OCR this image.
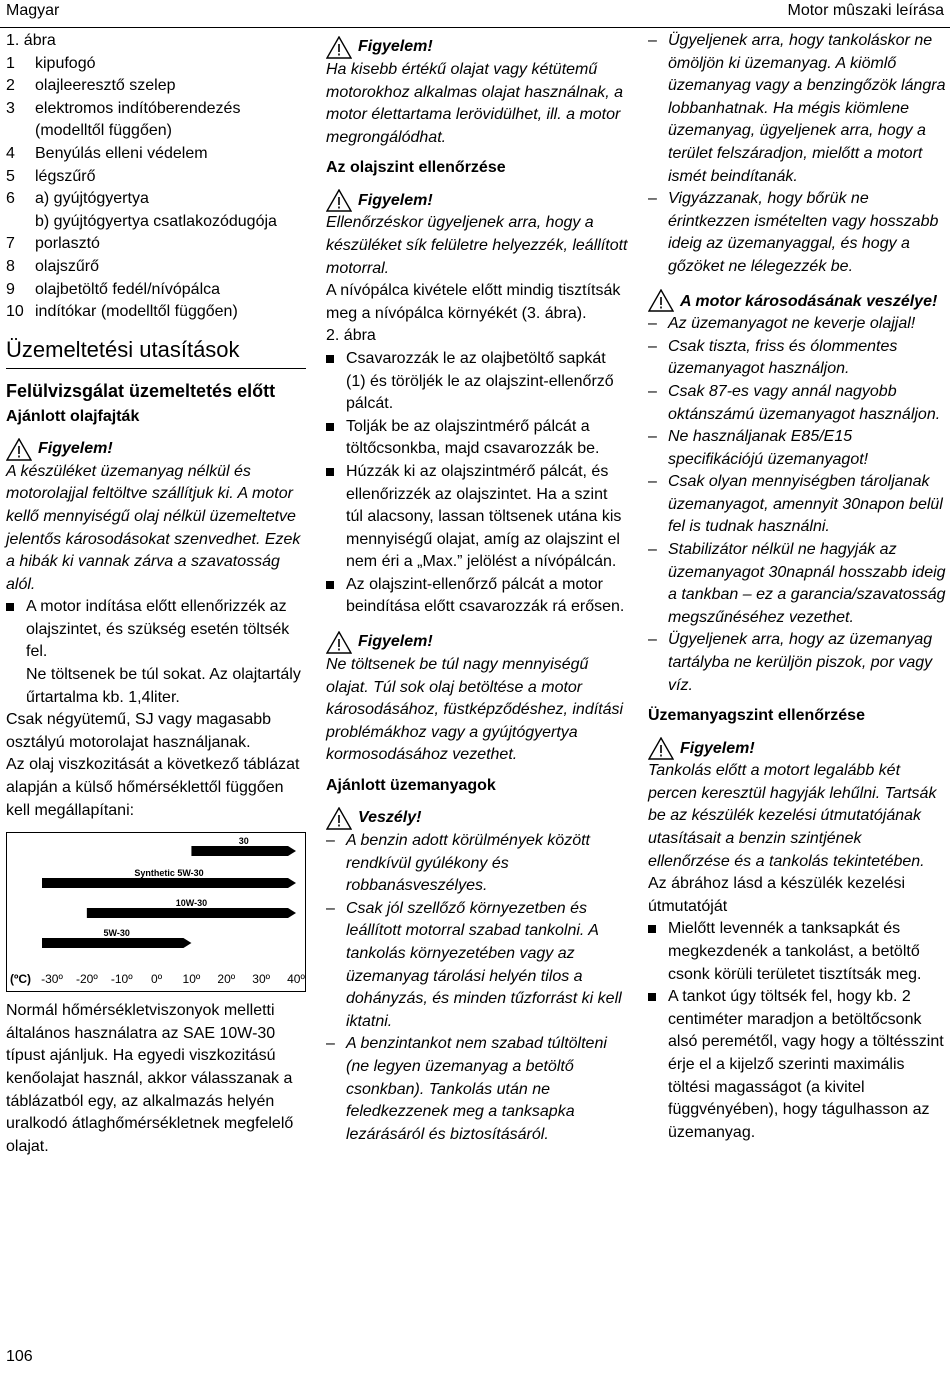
Magyar	Motor mûszaki leírása

1. ábra

1	kipufogó
2	olajleeresztő szelep
3	elektromos indítóberendezés (modelltől függően)
4	Benyúlás elleni védelem
5	légszűrő
6	a) gyújtógyertya
b) gyújtógyertya csatlakozódugója
7	porlasztó
8	olajszűrő
9	olajbetöltő fedél/nívópálca
10 indítókar (modelltől függően)
Üzemeltetési utasítások
Felülvizsgálat üzemeltetés előtt
Ajánlott olajfajták
Figyelem!

A készüléket üzemanyag nélkül és motorolajjal feltöltve szállítjuk ki. A motor kellő mennyiségű olaj nélkül üzemeltetve jelentős károsodásokat szenvedhet. Ezek a hibák ki vannak zárva a szavatosság alól.

A motor indítása előtt ellenőrizzék az olajszintet, és szükség esetén töltsék fel.

Ne töltsenek be túl sokat. Az olajtartály űrtartalma kb. 1,4liter.

Csak négyütemű, SJ vagy magasabb osztályú motorolajat használjanak.

Az olaj viszkozitását a következő táblázat alapján a külső hőmérséklettől függően kell megállapítani:

30
Synthetic 5W-30
10W-30
5W-30
(ºC) -30º -20º -10º 0º 10º 20º 30º 40º

Normál hőmérsékletviszonyok melletti általános használatra az SAE 10W-30 típust ajánljuk. Ha egyedi viszkozitású kenőolajat használ, akkor válasszanak a táblázatból egy, az alkalmazás helyén uralkodó átlaghőmérsékletnek megfelelő olajat.

Figyelem!

Ha kisebb értékű olajat vagy kétütemű motorokhoz alkalmas olajat használnak, a motor élettartama lerövidülhet, ill. a motor megrongálódhat.

Az olajszint ellenőrzése
Figyelem!

Ellenőrzéskor ügyeljenek arra, hogy a készüléket sík felületre helyezzék, leállított motorral.

A nívópálca kivétele előtt mindig tisztítsák meg a nívópálca környékét (3. ábra).

2. ábra

Csavarozzák le az olajbetöltő sapkát (1) és töröljék le az olajszint-ellenőrző pálcát.
Tolják be az olajszintmérő pálcát a töltőcsonkba, majd csavarozzák be.
Húzzák ki az olajszintmérő pálcát, és ellenőrizzék az olajszintet. Ha a szint túl alacsony, lassan töltsenek utána kis mennyiségű olajat, amíg az olajszint el nem éri a „Max.” jelölést a nívópálcán.
Az olajszint-ellenőrző pálcát a motor beindítása előtt csavarozzák rá erősen.
Figyelem!

Ne töltsenek be túl nagy mennyiségű olajat. Túl sok olaj betöltése a motor károsodásához, füstképződéshez, indítási problémákhoz vagy a gyújtógyertya kormosodásához vezethet.

Ajánlott üzemanyagok
Veszély!
– A benzin adott körülmények között rendkívül gyúlékony és robbanásveszélyes.
– Csak jól szellőző környezetben és leállított motorral szabad tankolni. A tankolás környezetében vagy az üzemanyag tárolási helyén tilos a dohányzás, és minden tűzforrást ki kell iktatni.
– A benzintankot nem szabad túltölteni (ne legyen üzemanyag a betöltő csonkban). Tankolás után ne feledkezzenek meg a tanksapka lezárásáról és biztosításáról.
– Ügyeljenek arra, hogy tankoláskor ne ömöljön ki üzemanyag. A kiömlő üzemanyag vagy a benzingőzök lángra lobbanhatnak. Ha mégis kiömlene üzemanyag, ügyeljenek arra, hogy a terület felszáradjon, mielőtt a motort ismét beindítanák.
– Vigyázzanak, hogy bőrük ne érintkezzen ismételten vagy hosszabb ideig az üzemanyaggal, és hogy a gőzöket ne lélegezzék be.
A motor károsodásának veszélye!
– Az üzemanyagot ne keverje olajjal!
– Csak tiszta, friss és ólommentes üzemanyagot használjon.
– Csak 87-es vagy annál nagyobb oktánszámú üzemanyagot használjon.
– Ne használjanak E85/E15 specifikációjú üzemanyagot!
– Csak olyan mennyiségben tároljanak üzemanyagot, amennyit 30napon belül fel is tudnak használni.
– Stabilizátor nélkül ne hagyják az üzemanyagot 30napnál hosszabb ideig a tankban – ez a garancia/szavatosság megszűnéséhez vezethet.
– Ügyeljenek arra, hogy az üzemanyag tartályba ne kerüljön piszok, por vagy víz.
Üzemanyagszint ellenőrzése
Figyelem!

Tankolás előtt a motort legalább két percen keresztül hagyják lehűlni. Tartsák be az készülék kezelési útmutatójának utasításait a benzin szintjének ellenőrzése és a tankolás tekintetében.

Az ábrához lásd a készülék kezelési útmutatóját

Mielőtt levennék a tanksapkát és megkezdenék a tankolást, a betöltő csonk körüli területet tisztítsák meg.
A tankot úgy töltsék fel, hogy kb. 2 centiméter maradjon a betöltőcsonk alsó peremétől, vagy hogy a töltésszint érje el a kijelző szerinti maximális töltési magasságot (a kivitel függvényében), hogy tágulhasson az üzemanyag.
106
